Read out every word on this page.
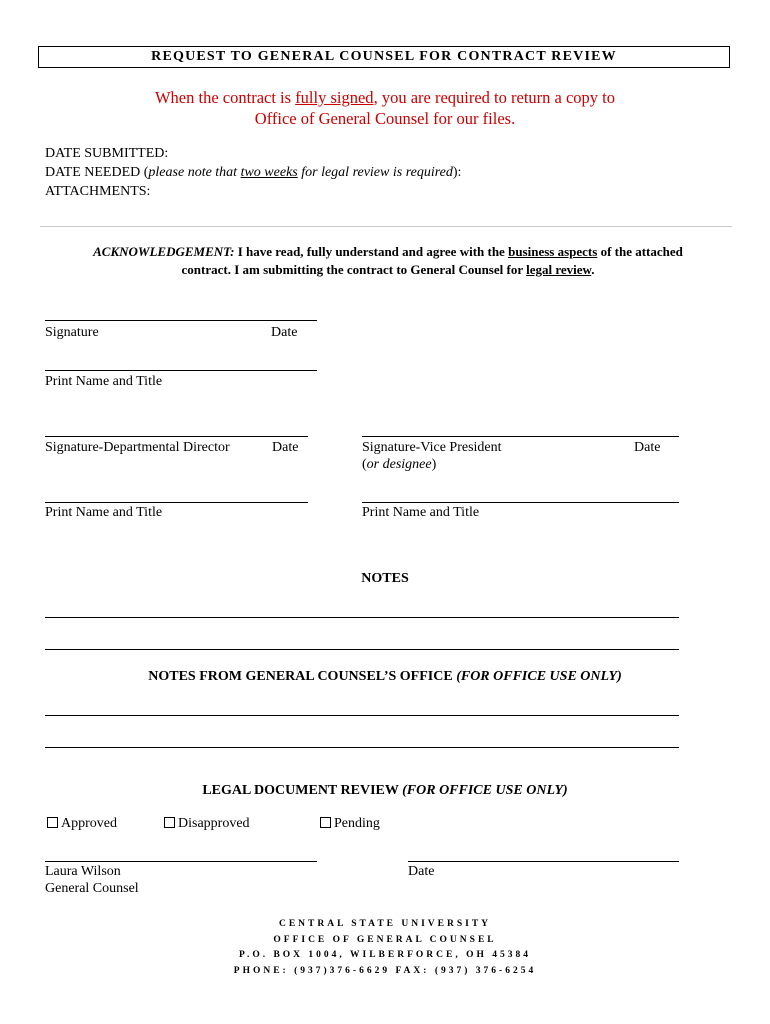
REQUEST TO GENERAL COUNSEL FOR CONTRACT REVIEW
When the contract is fully signed, you are required to return a copy to
Office of General Counsel for our files.
DATE SUBMITTED:
DATE NEEDED (please note that two weeks for legal review is required):
ATTACHMENTS:
ACKNOWLEDGEMENT: I have read, fully understand and agree with the business aspects of the attached
contract. I am submitting the contract to General Counsel for legal review.
Signature	Date
Print Name and Title
Signature-Departmental Director	Date	Signature-Vice President	Date
(or designee)
Print Name and Title	Print Name and Title
NOTES
NOTES FROM GENERAL COUNSEL’S OFFICE (FOR OFFICE USE ONLY)
LEGAL DOCUMENT REVIEW (FOR OFFICE USE ONLY)
Approved	Disapproved	Pending
Laura Wilson
General Counsel
Date
CENTRAL STATE UNIVERSITY
OFFICE OF GENERAL COUNSEL
P.O. BOX 1004, WILBERFORCE, OH 45384
PHONE: (937)376-6629 FAX: (937) 376-6254
